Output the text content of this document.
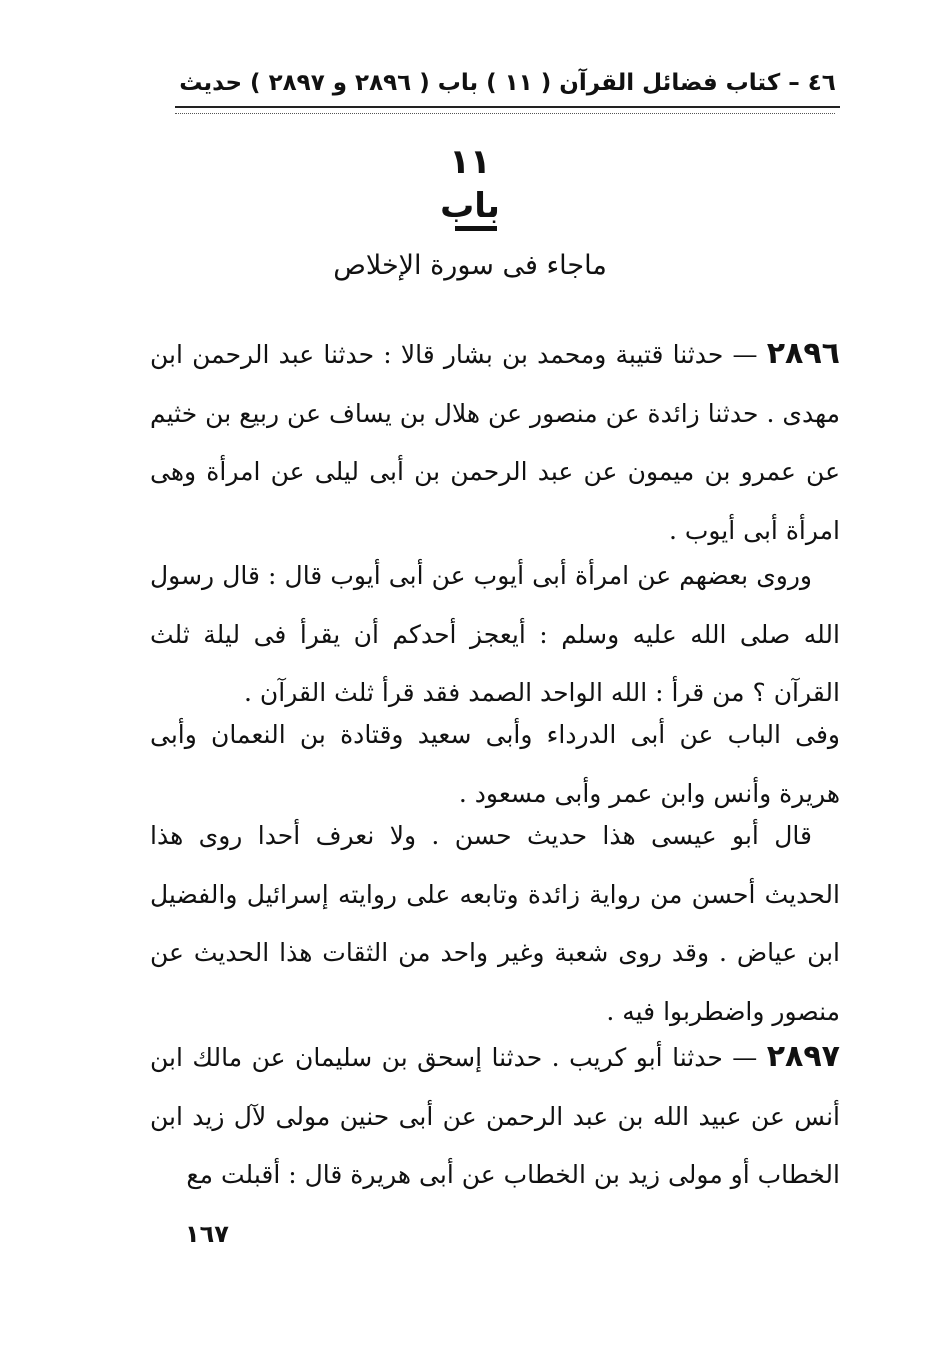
٤٦ – كتاب فضائل القرآن ( ١١ ) باب ( ٢٨٩٦ و ٢٨٩٧ ) حديث
١١
باب
ماجاء فى سورة الإخلاص
٢٨٩٦ — حدثنا قتيبة ومحمد بن بشار قالا : حدثنا عبد الرحمن ابن مهدى . حدثنا زائدة عن منصور عن هلال بن يساف عن ربيع بن خثيم عن عمرو بن ميمون عن عبد الرحمن بن أبى ليلى عن امرأة وهى امرأة أبى أيوب .
وروى بعضهم عن امرأة أبى أيوب عن أبى أيوب قال : قال رسول الله صلى الله عليه وسلم : أيعجز أحدكم أن يقرأ فى ليلة ثلث القرآن ؟ من قرأ : الله الواحد الصمد فقد قرأ ثلث القرآن .
وفى الباب عن أبى الدرداء وأبى سعيد وقتادة بن النعمان وأبى هريرة وأنس وابن عمر وأبى مسعود .
قال أبو عيسى هذا حديث حسن . ولا نعرف أحدا روى هذا الحديث أحسن من رواية زائدة وتابعه على روايته إسرائيل والفضيل ابن عياض . وقد روى شعبة وغير واحد من الثقات هذا الحديث عن منصور واضطربوا فيه .
٢٨٩٧ — حدثنا أبو كريب . حدثنا إسحق بن سليمان عن مالك ابن أنس عن عبيد الله بن عبد الرحمن عن أبى حنين مولى لآل زيد ابن الخطاب أو مولى زيد بن الخطاب عن أبى هريرة قال : أقبلت مع
١٦٧
